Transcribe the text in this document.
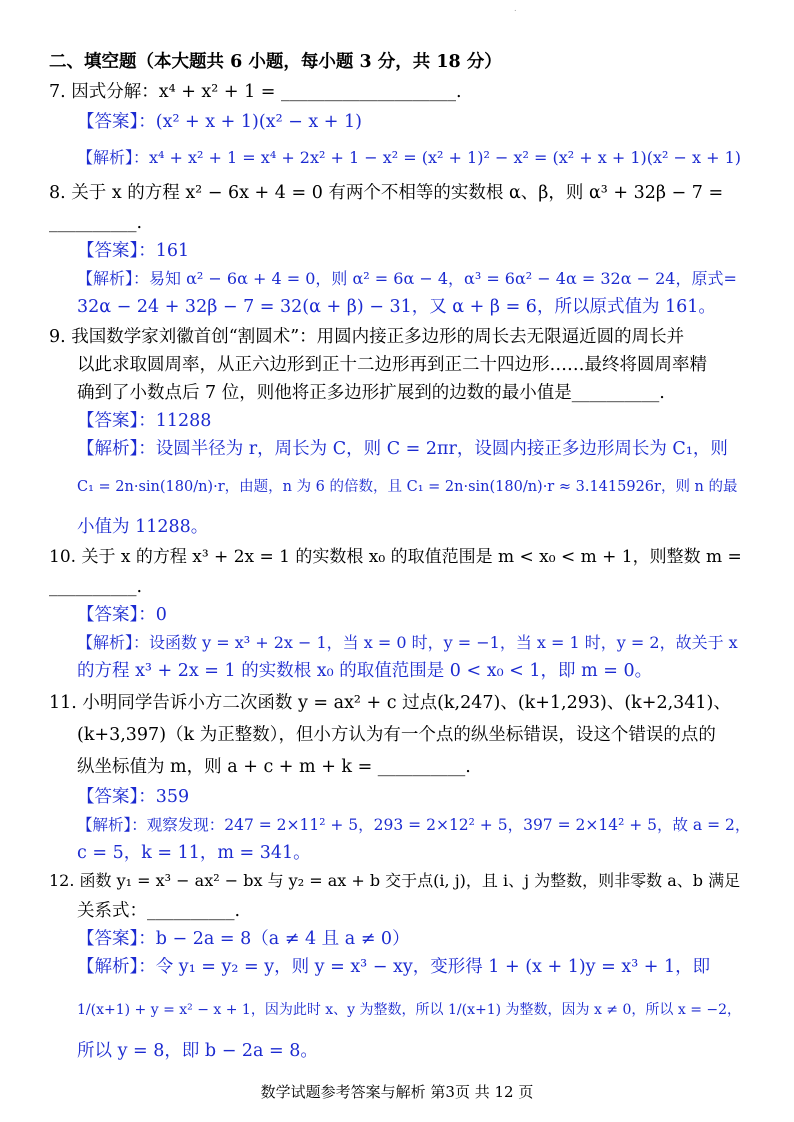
.
二、填空题（本大题共 6 小题，每小题 3 分，共 18 分）
7. 因式分解：x⁴ + x² + 1 = ____________________.
【答案】：(x² + x + 1)(x² − x + 1)
【解析】：x⁴ + x² + 1 = x⁴ + 2x² + 1 − x² = (x² + 1)² − x² = (x² + x + 1)(x² − x + 1)
8. 关于 x 的方程 x² − 6x + 4 = 0 有两个不相等的实数根 α、β，则 α³ + 32β − 7 =
__________.
【答案】：161
【解析】：易知 α² − 6α + 4 = 0，则 α² = 6α − 4，α³ = 6α² − 4α = 32α − 24，原式=
32α − 24 + 32β − 7 = 32(α + β) − 31，又 α + β = 6，所以原式值为 161。
9. 我国数学家刘徽首创“割圆术”：用圆内接正多边形的周长去无限逼近圆的周长并
以此求取圆周率，从正六边形到正十二边形再到正二十四边形……最终将圆周率精
确到了小数点后 7 位，则他将正多边形扩展到的边数的最小值是__________.
【答案】：11288
【解析】：设圆半径为 r，周长为 C，则 C = 2πr，设圆内接正多边形周长为 C₁，则
C₁ = 2n·sin(180/n)·r，由题，n 为 6 的倍数，且 C₁ = 2n·sin(180/n)·r ≈ 3.1415926r，则 n 的最
小值为 11288。
10. 关于 x 的方程 x³ + 2x = 1 的实数根 x₀ 的取值范围是 m < x₀ < m + 1，则整数 m =
__________.
【答案】：0
【解析】：设函数 y = x³ + 2x − 1，当 x = 0 时，y = −1，当 x = 1 时，y = 2，故关于 x
的方程 x³ + 2x = 1 的实数根 x₀ 的取值范围是 0 < x₀ < 1，即 m = 0。
11. 小明同学告诉小方二次函数 y = ax² + c 过点(k,247)、(k+1,293)、(k+2,341)、
(k+3,397)（k 为正整数），但小方认为有一个点的纵坐标错误，设这个错误的点的
纵坐标值为 m，则 a + c + m + k = __________.
【答案】：359
【解析】：观察发现：247 = 2×11² + 5，293 = 2×12² + 5，397 = 2×14² + 5，故 a = 2，
c = 5，k = 11，m = 341。
12. 函数 y₁ = x³ − ax² − bx 与 y₂ = ax + b 交于点(i, j)，且 i、j 为整数，则非零数 a、b 满足
关系式：__________.
【答案】：b − 2a = 8（a ≠ 4 且 a ≠ 0）
【解析】：令 y₁ = y₂ = y，则 y = x³ − xy，变形得 1 + (x + 1)y = x³ + 1，即
1/(x+1) + y = x² − x + 1，因为此时 x、y 为整数，所以 1/(x+1) 为整数，因为 x ≠ 0，所以 x = −2，
所以 y = 8，即 b − 2a = 8。
数学试题参考答案与解析 第3页 共 12 页
